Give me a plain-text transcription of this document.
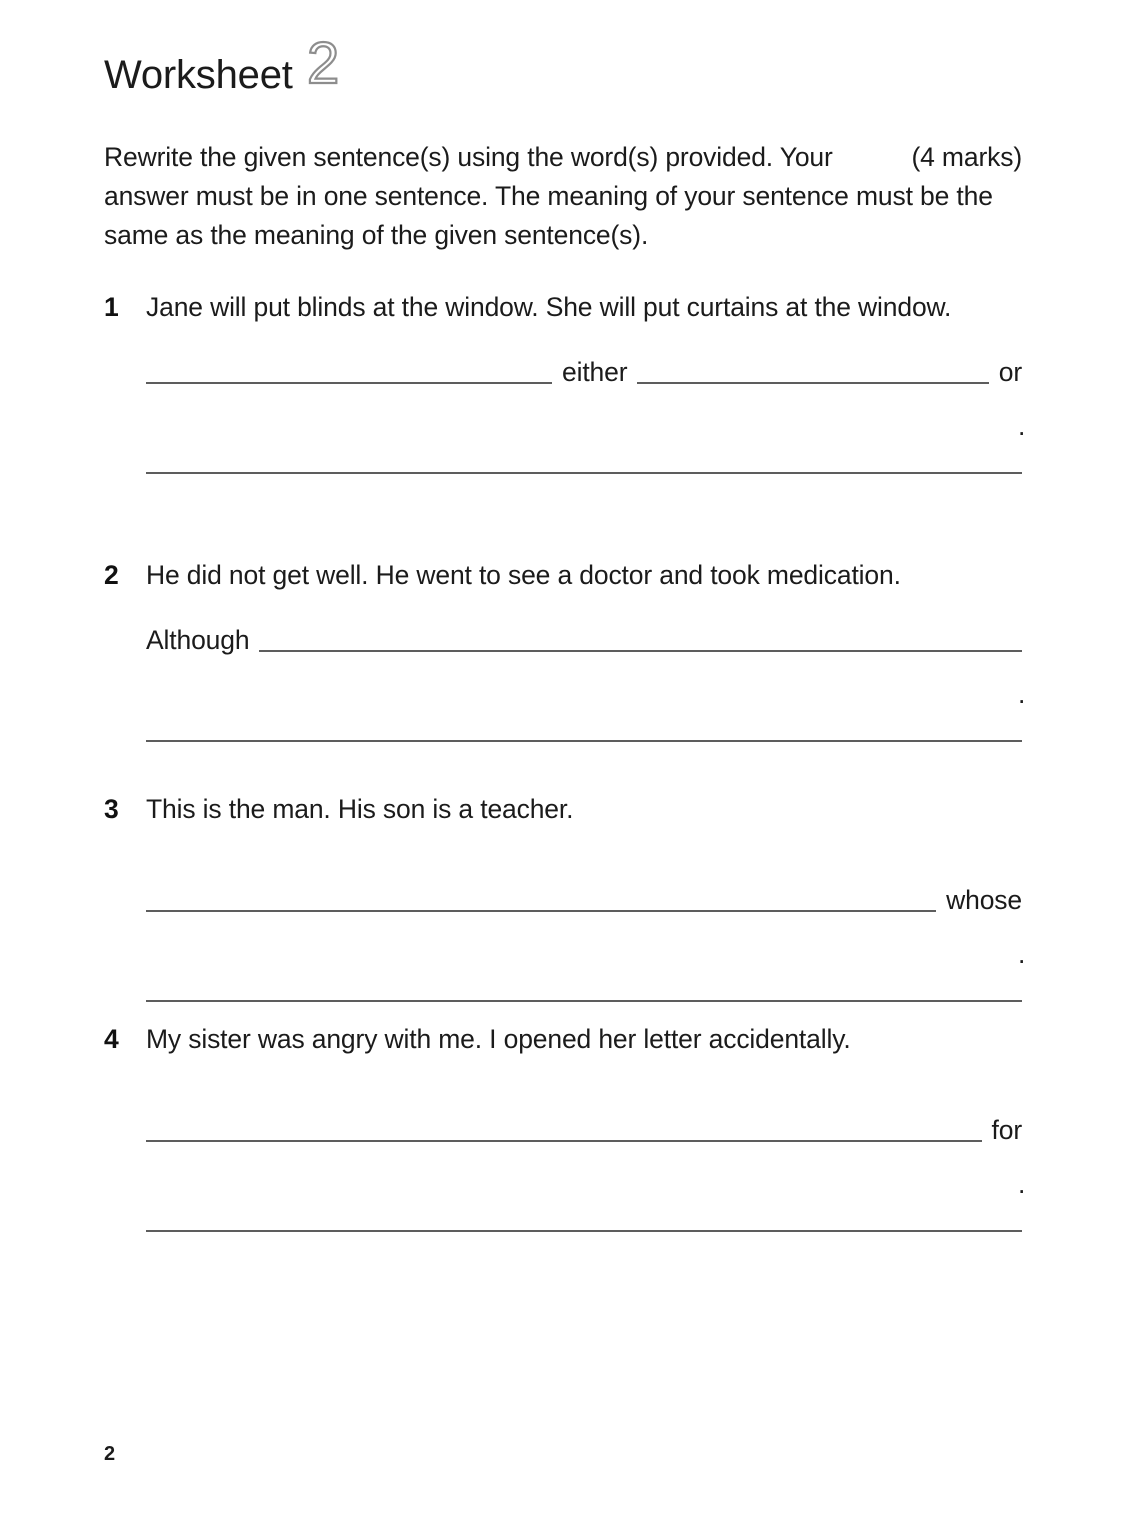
Worksheet 2
(4 marks)
Rewrite the given sentence(s) using the word(s) provided. Your answer must be in one sentence. The meaning of your sentence must be the same as the meaning of the given sentence(s).
1	Jane will put blinds at the window. She will put curtains at the window.
either	or
.
2	He did not get well. He went to see a doctor and took medication.
Although
.
3	This is the man. His son is a teacher.
whose
.
4	My sister was angry with me. I opened her letter accidentally.
for
.
2
